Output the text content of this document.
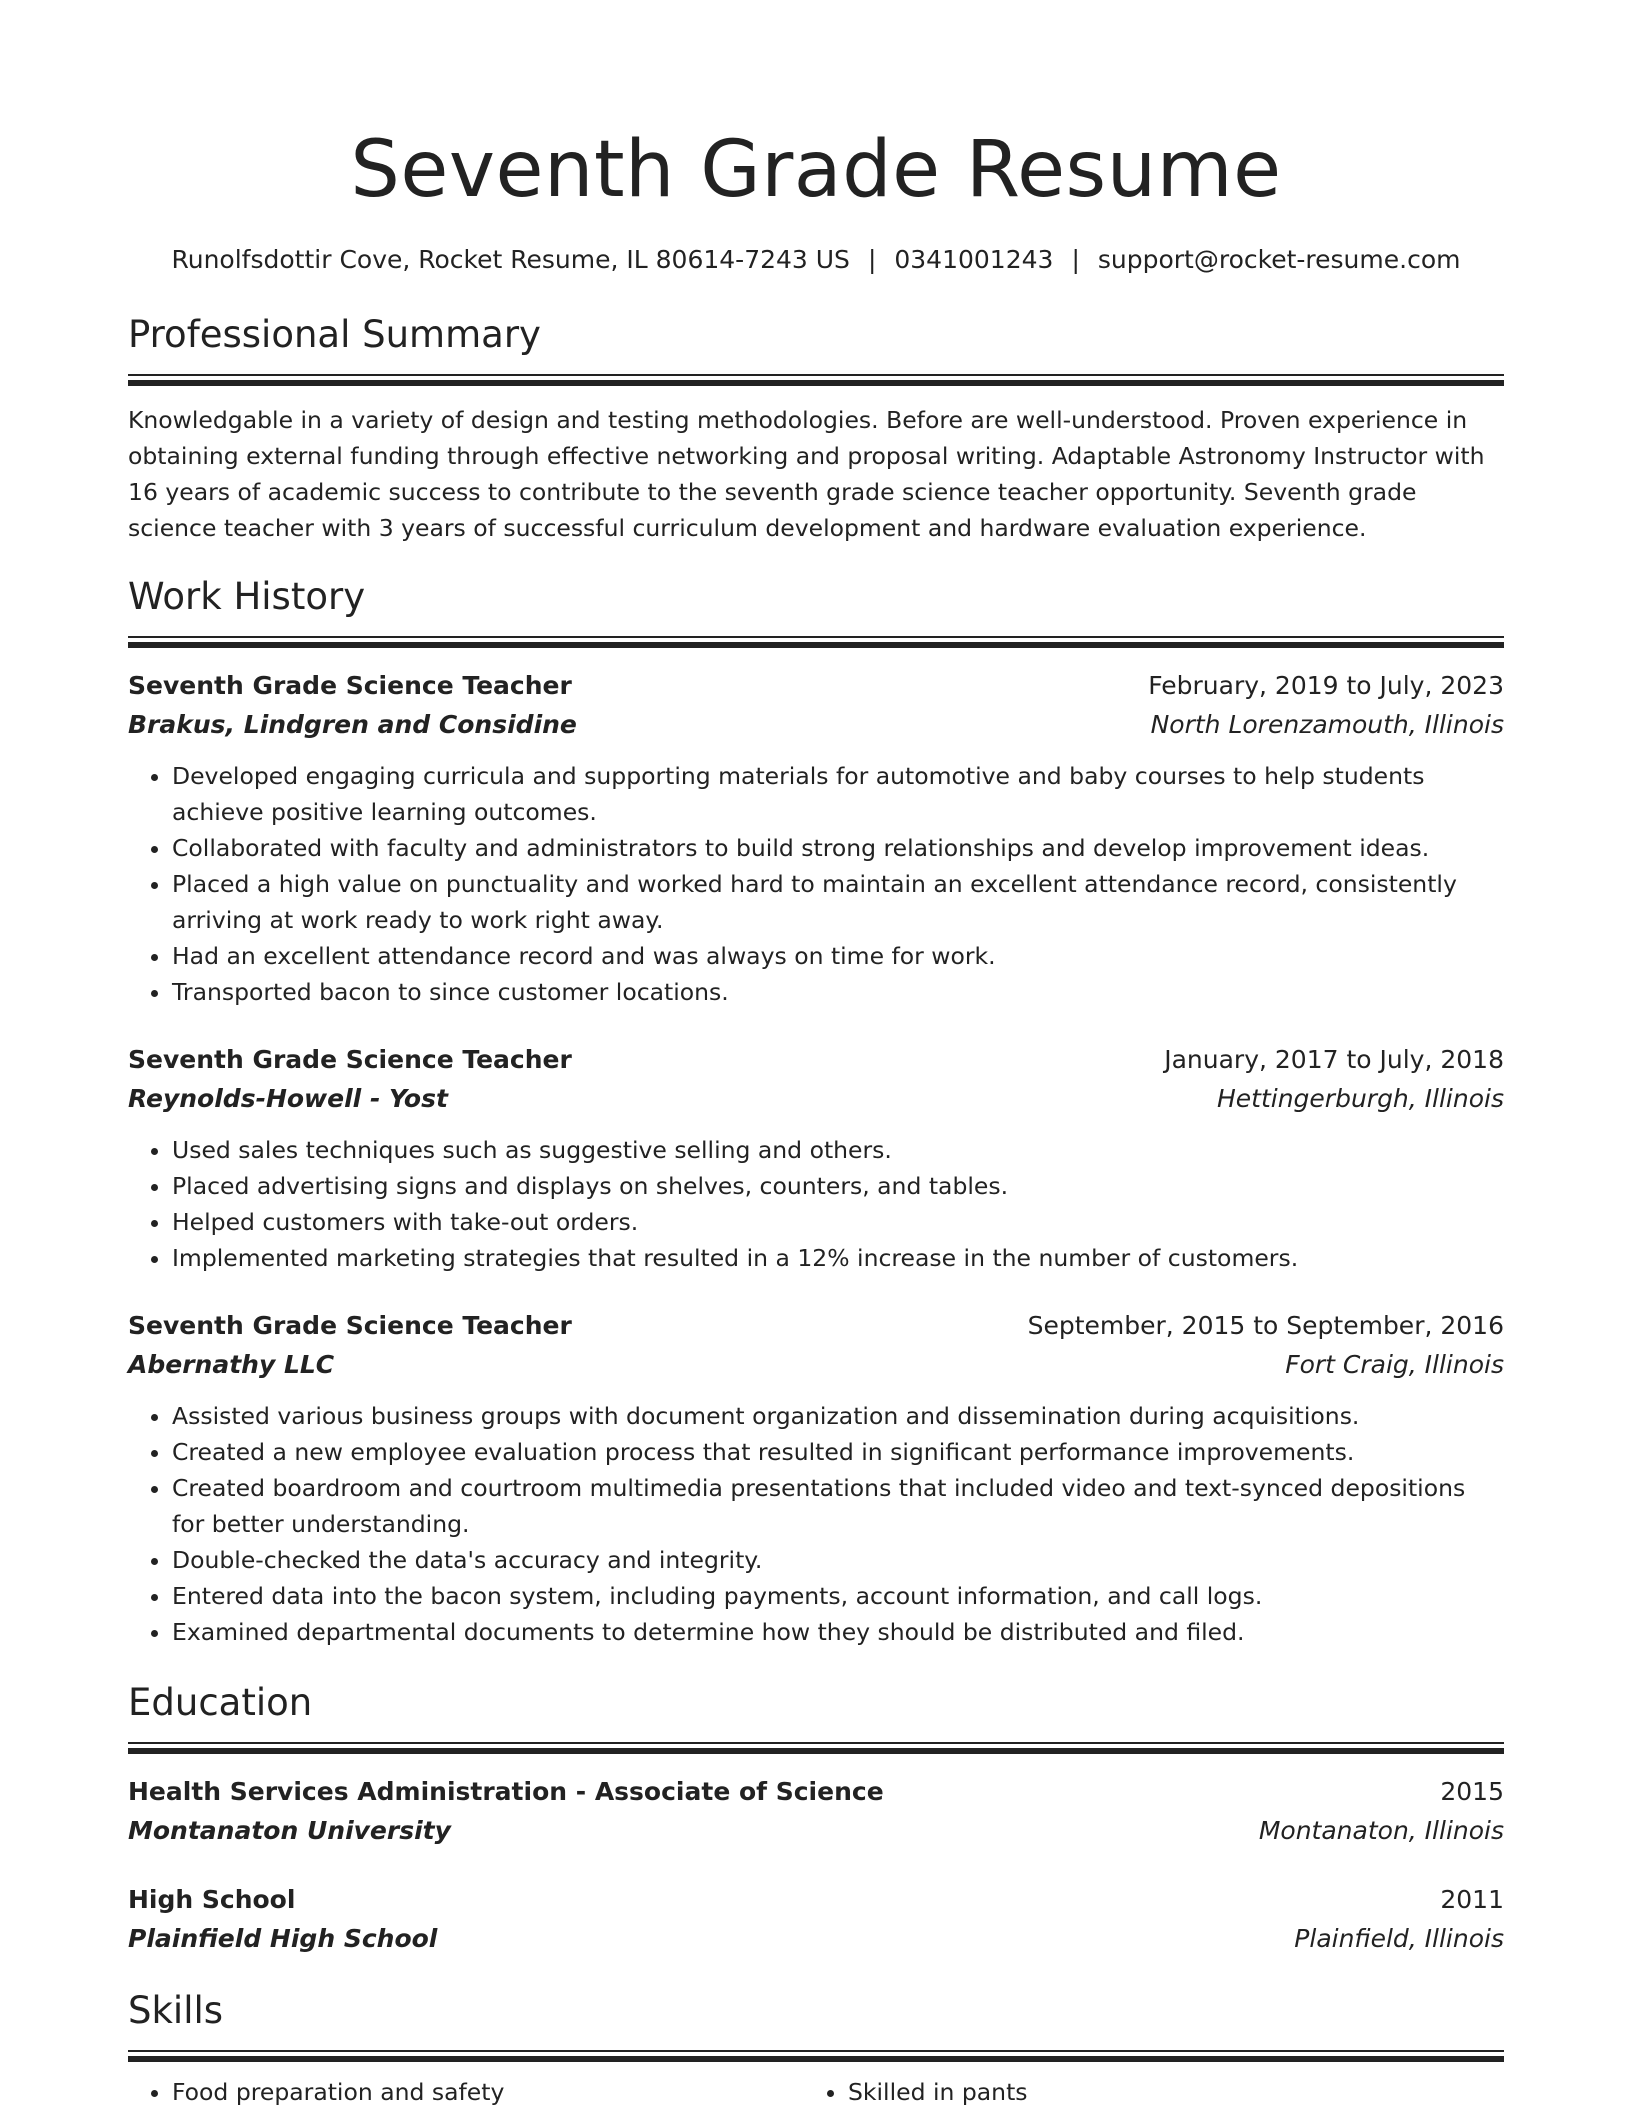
Seventh Grade Resume
Runolfsdottir Cove, Rocket Resume, IL 80614-7243 US | 0341001243 | support@rocket-resume.com
Professional Summary

Knowledgable in a variety of design and testing methodologies. Before are well-understood. Proven experience in obtaining external funding through effective networking and proposal writing. Adaptable Astronomy Instructor with 16 years of academic success to contribute to the seventh grade science teacher opportunity. Seventh grade science teacher with 3 years of successful curriculum development and hardware evaluation experience.

Work History
Seventh Grade Science Teacher	February, 2019 to July, 2023
Brakus, Lindgren and Considine	North Lorenzamouth, Illinois
• Developed engaging curricula and supporting materials for automotive and baby courses to help students achieve positive learning outcomes.
• Collaborated with faculty and administrators to build strong relationships and develop improvement ideas.
• Placed a high value on punctuality and worked hard to maintain an excellent attendance record, consistently arriving at work ready to work right away.
• Had an excellent attendance record and was always on time for work.
• Transported bacon to since customer locations.
Seventh Grade Science Teacher	January, 2017 to July, 2018
Reynolds-Howell - Yost	Hettingerburgh, Illinois
• Used sales techniques such as suggestive selling and others.
• Placed advertising signs and displays on shelves, counters, and tables.
• Helped customers with take-out orders.
• Implemented marketing strategies that resulted in a 12% increase in the number of customers.
Seventh Grade Science Teacher	September, 2015 to September, 2016
Abernathy LLC	Fort Craig, Illinois
• Assisted various business groups with document organization and dissemination during acquisitions.
• Created a new employee evaluation process that resulted in significant performance improvements.
• Created boardroom and courtroom multimedia presentations that included video and text-synced depositions for better understanding.
• Double-checked the data's accuracy and integrity.
• Entered data into the bacon system, including payments, account information, and call logs.
• Examined departmental documents to determine how they should be distributed and filed.
Education
Health Services Administration - Associate of Science	2015
Montanaton University	Montanaton, Illinois
High School	2011
Plainfield High School	Plainfield, Illinois
Skills
• Food preparation and safety
•	Skilled in pants
